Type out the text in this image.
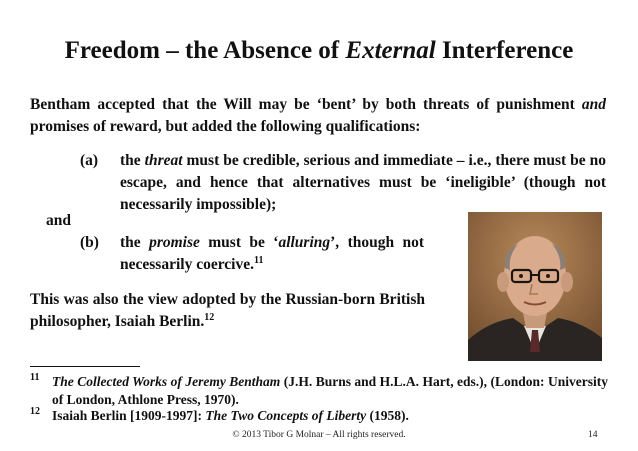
Freedom – the Absence of External Interference
Bentham accepted that the Will may be ‘bent’ by both threats of punishment and promises of reward, but added the following qualifications:
(a) the threat must be credible, serious and immediate – i.e., there must be no escape, and hence that alternatives must be ‘ineligible’ (though not necessarily impossible);
and
(b) the promise must be ‘alluring’, though not necessarily coercive.$^{11}$
This was also the view adopted by the Russian-born British philosopher, Isaiah Berlin.$^{12}$
11 The Collected Works of Jeremy Bentham (J.H. Burns and H.L.A. Hart, eds.), (London: University of London, Athlone Press, 1970).
12 Isaiah Berlin [1909-1997]: The Two Concepts of Liberty (1958).
© 2013 Tibor G Molnar – All rights reserved.	14
